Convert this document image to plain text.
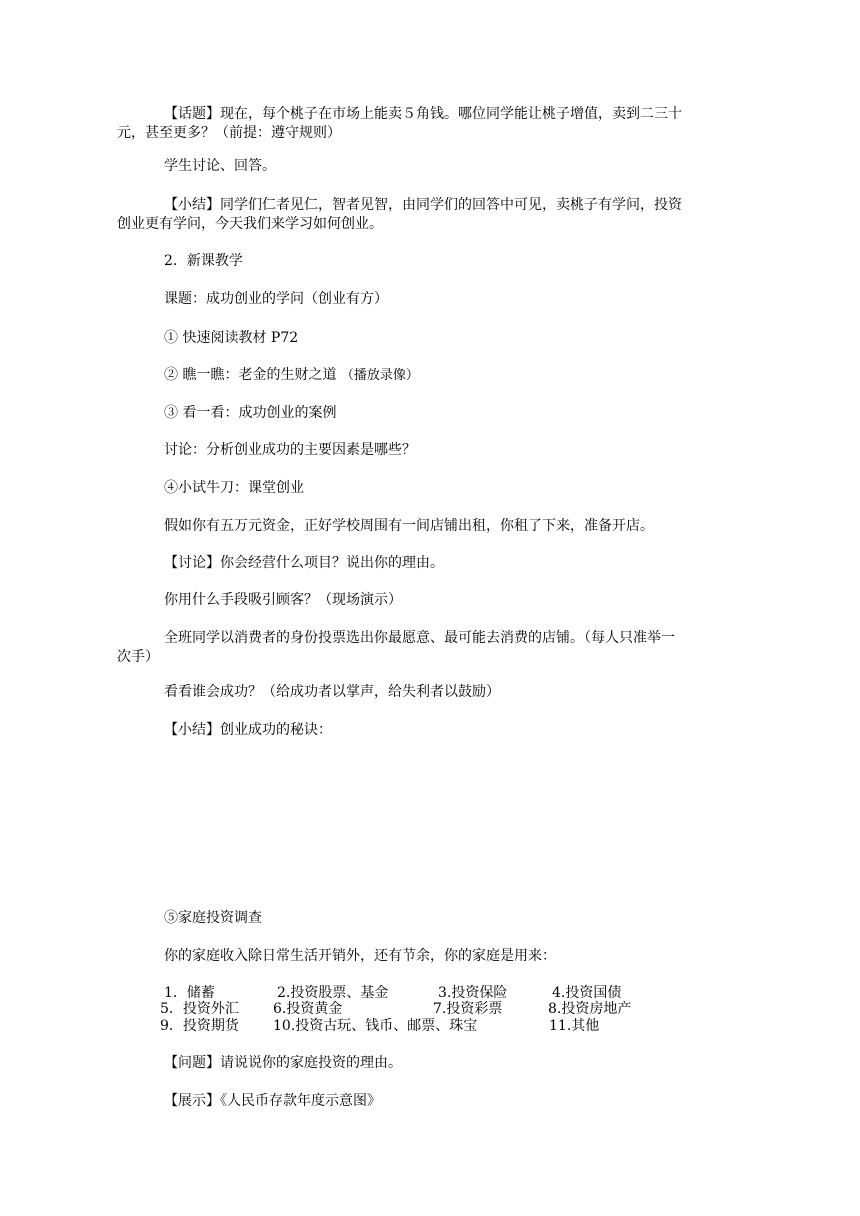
【话题】现在，每个桃子在市场上能卖５角钱。哪位同学能让桃子增值，卖到二三十
元，甚至更多？（前提：遵守规则）
学生讨论、回答。
【小结】同学们仁者见仁，智者见智，由同学们的回答中可见，卖桃子有学问，投资
创业更有学问，今天我们来学习如何创业。
2．新课教学
课题：成功创业的学问（创业有方）
① 快速阅读教材 P72
② 瞧一瞧：老金的生财之道 （播放录像）
③ 看一看：成功创业的案例
讨论：分析创业成功的主要因素是哪些？
④小试牛刀：课堂创业
假如你有五万元资金，正好学校周围有一间店铺出租，你租了下来，准备开店。
【讨论】你会经营什么项目？说出你的理由。
你用什么手段吸引顾客？（现场演示）
全班同学以消费者的身份投票选出你最愿意、最可能去消费的店铺。（每人只准举一
次手）
看看谁会成功？（给成功者以掌声，给失利者以鼓励）
【小结】创业成功的秘诀：
⑤家庭投资调查
你的家庭收入除日常生活开销外，还有节余，你的家庭是用来：
1．储蓄	2.投资股票、基金	3.投资保险	4.投资国债
5．投资外汇 6.投资黄金	7.投资彩票	8.投资房地产
9．投资期货 10.投资古玩、钱币、邮票、珠宝	11.其他
【问题】请说说你的家庭投资的理由。
【展示】《人民币存款年度示意图》
